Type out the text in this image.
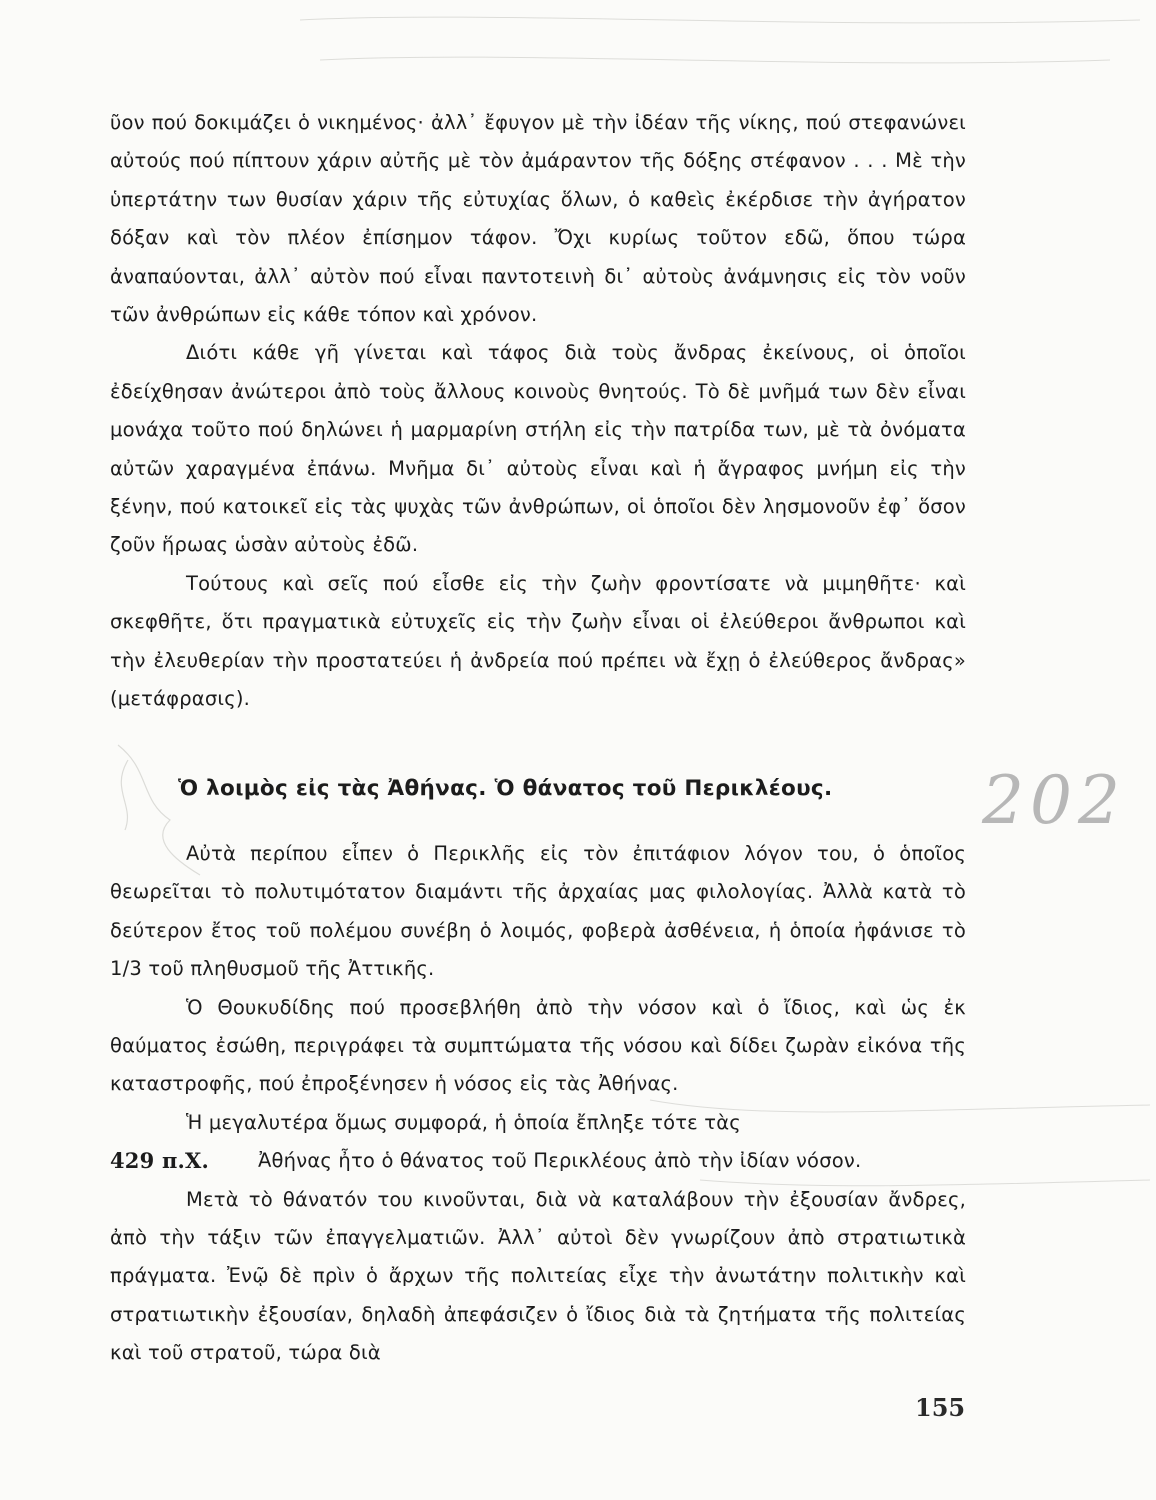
ῦον πού δοκιμάζει ὁ νικημένος· ἀλλ᾽ ἔφυγον μὲ τὴν ἰδέαν τῆς νίκης, πού στεφανώνει αὐτούς πού πίπτουν χάριν αὐτῆς μὲ τὸν ἀμάραντον τῆς δόξης στέφανον . . . Μὲ τὴν ὑπερτάτην των θυσίαν χάριν τῆς εὐτυχίας ὅλων, ὁ καθεὶς ἐκέρδισε τὴν ἀγήρατον δόξαν καὶ τὸν πλέον ἐπίσημον τάφον. Ὄχι κυρίως τοῦτον εδῶ, ὅπου τώρα ἀναπαύονται, ἀλλ᾽ αὐτὸν πού εἶναι παντοτεινὴ δι᾽ αὐτοὺς ἀνάμνησις εἰς τὸν νοῦν τῶν ἀνθρώπων εἰς κάθε τόπον καὶ χρόνον.

Διότι κάθε γῆ γίνεται καὶ τάφος διὰ τοὺς ἄνδρας ἐκείνους, οἱ ὁποῖοι ἐδείχθησαν ἀνώτεροι ἀπὸ τοὺς ἄλλους κοινοὺς θνητούς. Τὸ δὲ μνῆμά των δὲν εἶναι μονάχα τοῦτο πού δηλώνει ἡ μαρμαρίνη στήλη εἰς τὴν πατρίδα των, μὲ τὰ ὀνόματα αὐτῶν χαραγμένα ἐπάνω. Μνῆμα δι᾽ αὐτοὺς εἶναι καὶ ἡ ἄγραφος μνήμη εἰς τὴν ξένην, πού κατοικεῖ εἰς τὰς ψυχὰς τῶν ἀνθρώπων, οἱ ὁποῖοι δὲν λησμονοῦν ἐφ᾽ ὅσον ζοῦν ἥρωας ὡσὰν αὐτοὺς ἐδῶ.

Τούτους καὶ σεῖς πού εἶσθε εἰς τὴν ζωὴν φροντίσατε νὰ μιμηθῆτε· καὶ σκεφθῆτε, ὅτι πραγματικὰ εὐτυχεῖς εἰς τὴν ζωὴν εἶναι οἱ ἐλεύθεροι ἄνθρωποι καὶ τὴν ἐλευθερίαν τὴν προστατεύει ἡ ἀνδρεία πού πρέπει νὰ ἔχῃ ὁ ἐλεύθερος ἄνδρας» (μετάφρασις).

Ὁ λοιμὸς εἰς τὰς Ἀθήνας. Ὁ θάνατος τοῦ Περικλέους.

Αὐτὰ περίπου εἶπεν ὁ Περικλῆς εἰς τὸν ἐπιτάφιον λόγον του, ὁ ὁποῖος θεωρεῖται τὸ πολυτιμότατον διαμάντι τῆς ἀρχαίας μας φιλολογίας. Ἀλλὰ κατὰ τὸ δεύτερον ἔτος τοῦ πολέμου συνέβη ὁ λοιμός, φοβερὰ ἀσθένεια, ἡ ὁποία ἠφάνισε τὸ 1/3 τοῦ πληθυσμοῦ τῆς Ἀττικῆς.

Ὁ Θουκυδίδης πού προσεβλήθη ἀπὸ τὴν νόσον καὶ ὁ ἴδιος, καὶ ὡς ἐκ θαύματος ἐσώθη, περιγράφει τὰ συμπτώματα τῆς νόσου καὶ δίδει ζωρὰν εἰκόνα τῆς καταστροφῆς, πού ἐπροξένησεν ἡ νόσος εἰς τὰς Ἀθήνας.

Ἡ μεγαλυτέρα ὅμως συμφορά, ἡ ὁποία ἔπληξε τότε τὰς

429 π.Χ.	Ἀθήνας ἦτο ὁ θάνατος τοῦ Περικλέους ἀπὸ τὴν ἰδίαν νόσον.

Μετὰ τὸ θάνατόν του κινοῦνται, διὰ νὰ καταλάβουν τὴν ἐξουσίαν ἄνδρες, ἀπὸ τὴν τάξιν τῶν ἐπαγγελματιῶν. Ἀλλ᾽ αὐτοὶ δὲν γνωρίζουν ἀπὸ στρατιωτικὰ πράγματα. Ἐνῷ δὲ πρὶν ὁ ἄρχων τῆς πολιτείας εἶχε τὴν ἀνωτάτην πολιτικὴν καὶ στρατιωτικὴν ἐξουσίαν, δηλαδὴ ἀπεφάσιζεν ὁ ἴδιος διὰ τὰ ζητήματα τῆς πολιτείας καὶ τοῦ στρατοῦ, τώρα διὰ

202

155
